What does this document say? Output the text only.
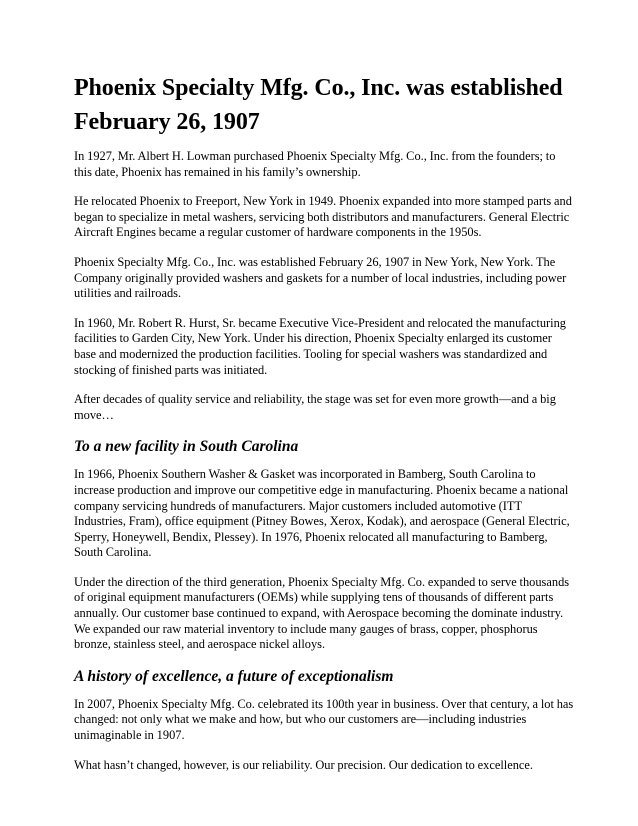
Phoenix Specialty Mfg. Co., Inc. was established February 26, 1907

In 1927, Mr. Albert H. Lowman purchased Phoenix Specialty Mfg. Co., Inc. from the founders; to this date, Phoenix has remained in his family’s ownership.

He relocated Phoenix to Freeport, New York in 1949. Phoenix expanded into more stamped parts and began to specialize in metal washers, servicing both distributors and manufacturers. General Electric Aircraft Engines became a regular customer of hardware components in the 1950s.

Phoenix Specialty Mfg. Co., Inc. was established February 26, 1907 in New York, New York. The Company originally provided washers and gaskets for a number of local industries, including power utilities and railroads.

In 1960, Mr. Robert R. Hurst, Sr. became Executive Vice-President and relocated the manufacturing facilities to Garden City, New York. Under his direction, Phoenix Specialty enlarged its customer base and modernized the production facilities. Tooling for special washers was standardized and stocking of finished parts was initiated.

After decades of quality service and reliability, the stage was set for even more growth—and a big move…

To a new facility in South Carolina

In 1966, Phoenix Southern Washer & Gasket was incorporated in Bamberg, South Carolina to increase production and improve our competitive edge in manufacturing. Phoenix became a national company servicing hundreds of manufacturers. Major customers included automotive (ITT Industries, Fram), office equipment (Pitney Bowes, Xerox, Kodak), and aerospace (General Electric, Sperry, Honeywell, Bendix, Plessey). In 1976, Phoenix relocated all manufacturing to Bamberg, South Carolina.

Under the direction of the third generation, Phoenix Specialty Mfg. Co. expanded to serve thousands of original equipment manufacturers (OEMs) while supplying tens of thousands of different parts annually. Our customer base continued to expand, with Aerospace becoming the dominate industry. We expanded our raw material inventory to include many gauges of brass, copper, phosphorus bronze, stainless steel, and aerospace nickel alloys.

A history of excellence, a future of exceptionalism

In 2007, Phoenix Specialty Mfg. Co. celebrated its 100th year in business. Over that century, a lot has changed: not only what we make and how, but who our customers are—including industries unimaginable in 1907.

What hasn’t changed, however, is our reliability. Our precision. Our dedication to excellence.
